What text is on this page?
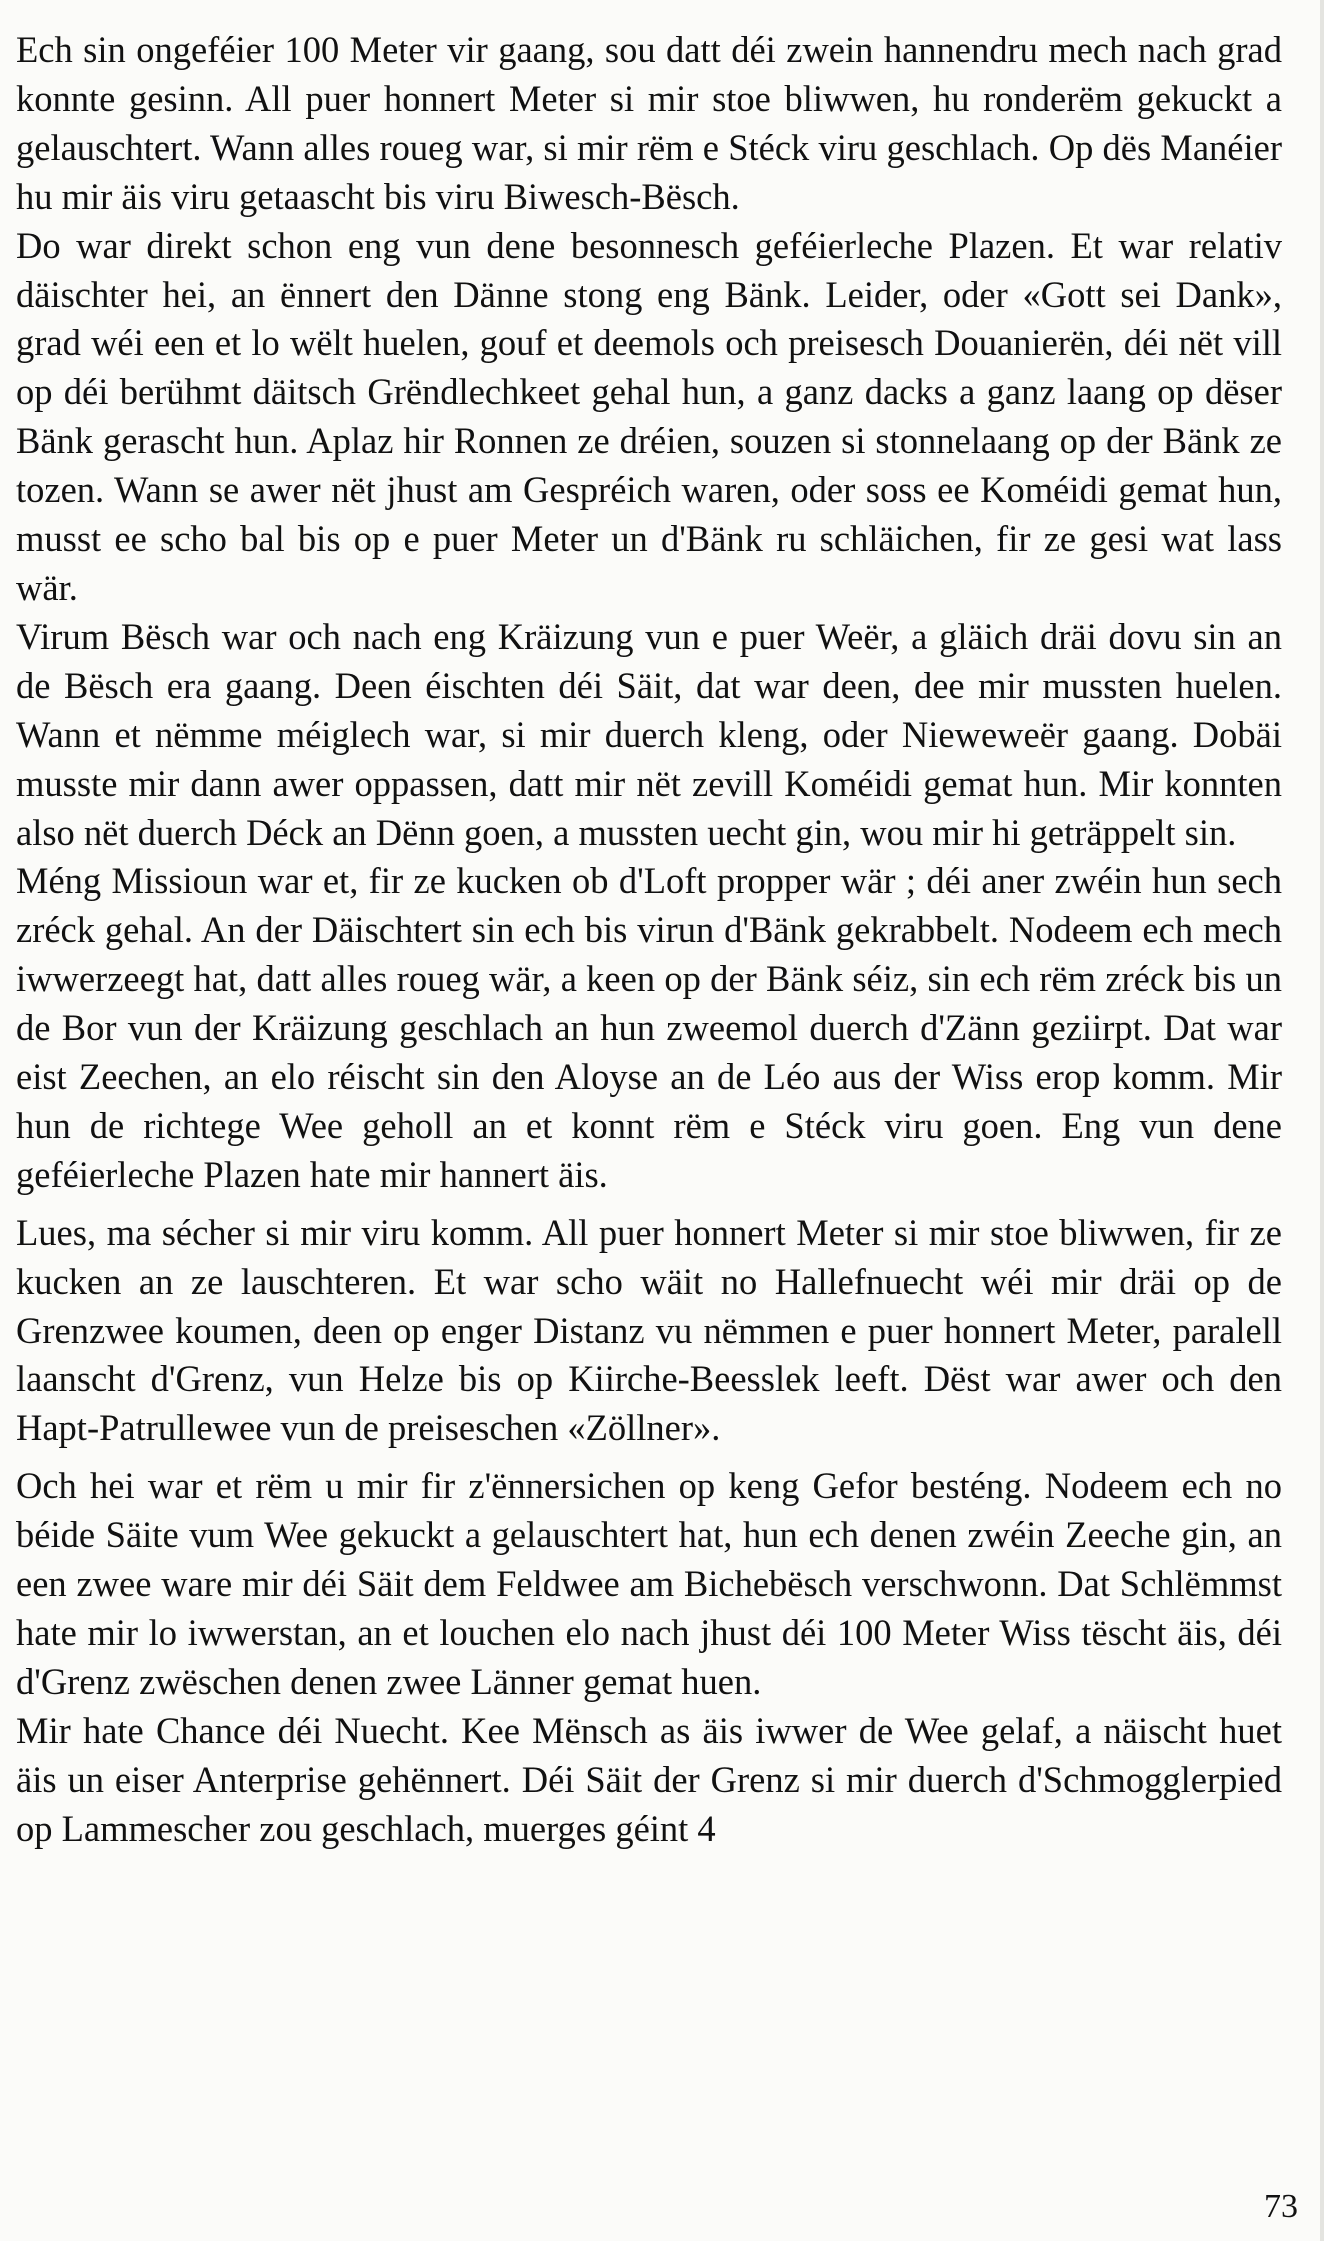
Ech sin ongeféier 100 Meter vir gaang, sou datt déi zwein hannendru mech nach grad konnte gesinn. All puer honnert Meter si mir stoe bliwwen, hu ronderëm gekuckt a gelauschtert. Wann alles roueg war, si mir rëm e Stéck viru geschlach. Op dës Manéier hu mir äis viru getaascht bis viru Biwesch-Bësch.

Do war direkt schon eng vun dene besonnesch geféierleche Plazen. Et war relativ däischter hei, an ënnert den Dänne stong eng Bänk. Leider, oder «Gott sei Dank», grad wéi een et lo wëlt huelen, gouf et deemols och preisesch Douanierën, déi nët vill op déi berühmt däitsch Grëndlechkeet gehal hun, a ganz dacks a ganz laang op dëser Bänk gerascht hun. Aplaz hir Ronnen ze dréien, souzen si stonnelaang op der Bänk ze tozen. Wann se awer nët jhust am Gespréich waren, oder soss ee Koméidi gemat hun, musst ee scho bal bis op e puer Meter un d'Bänk ru schläichen, fir ze gesi wat lass wär.

Virum Bësch war och nach eng Kräizung vun e puer Weër, a gläich dräi dovu sin an de Bësch era gaang. Deen éischten déi Säit, dat war deen, dee mir mussten huelen. Wann et nëmme méiglech war, si mir duerch kleng, oder Nieweweër gaang. Dobäi musste mir dann awer oppassen, datt mir nët zevill Koméidi gemat hun. Mir konnten also nët duerch Déck an Dënn goen, a mussten uecht gin, wou mir hi geträppelt sin.

Méng Missioun war et, fir ze kucken ob d'Loft propper wär ; déi aner zwéin hun sech zréck gehal. An der Däischtert sin ech bis virun d'Bänk gekrabbelt. Nodeem ech mech iwwerzeegt hat, datt alles roueg wär, a keen op der Bänk séiz, sin ech rëm zréck bis un de Bor vun der Kräizung geschlach an hun zweemol duerch d'Zänn geziirpt. Dat war eist Zeechen, an elo réischt sin den Aloyse an de Léo aus der Wiss erop komm. Mir hun de richtege Wee geholl an et konnt rëm e Stéck viru goen. Eng vun dene geféierleche Plazen hate mir hannert äis.

Lues, ma sécher si mir viru komm. All puer honnert Meter si mir stoe bliwwen, fir ze kucken an ze lauschteren. Et war scho wäit no Hallefnuecht wéi mir dräi op de Grenzwee koumen, deen op enger Distanz vu nëmmen e puer honnert Meter, paralell laanscht d'Grenz, vun Helze bis op Kiirche-Beesslek leeft. Dëst war awer och den Hapt-Patrullewee vun de preiseschen «Zöllner».

Och hei war et rëm u mir fir z'ënnersichen op keng Gefor besténg. Nodeem ech no béide Säite vum Wee gekuckt a gelauschtert hat, hun ech denen zwéin Zeeche gin, an een zwee ware mir déi Säit dem Feldwee am Bichebësch verschwonn. Dat Schlëmmst hate mir lo iwwerstan, an et louchen elo nach jhust déi 100 Meter Wiss tëscht äis, déi d'Grenz zwëschen denen zwee Länner gemat huen.

Mir hate Chance déi Nuecht. Kee Mënsch as äis iwwer de Wee gelaf, a näischt huet äis un eiser Anterprise gehënnert. Déi Säit der Grenz si mir duerch d'Schmogglerpied op Lammescher zou geschlach, muerges géint 4

73
